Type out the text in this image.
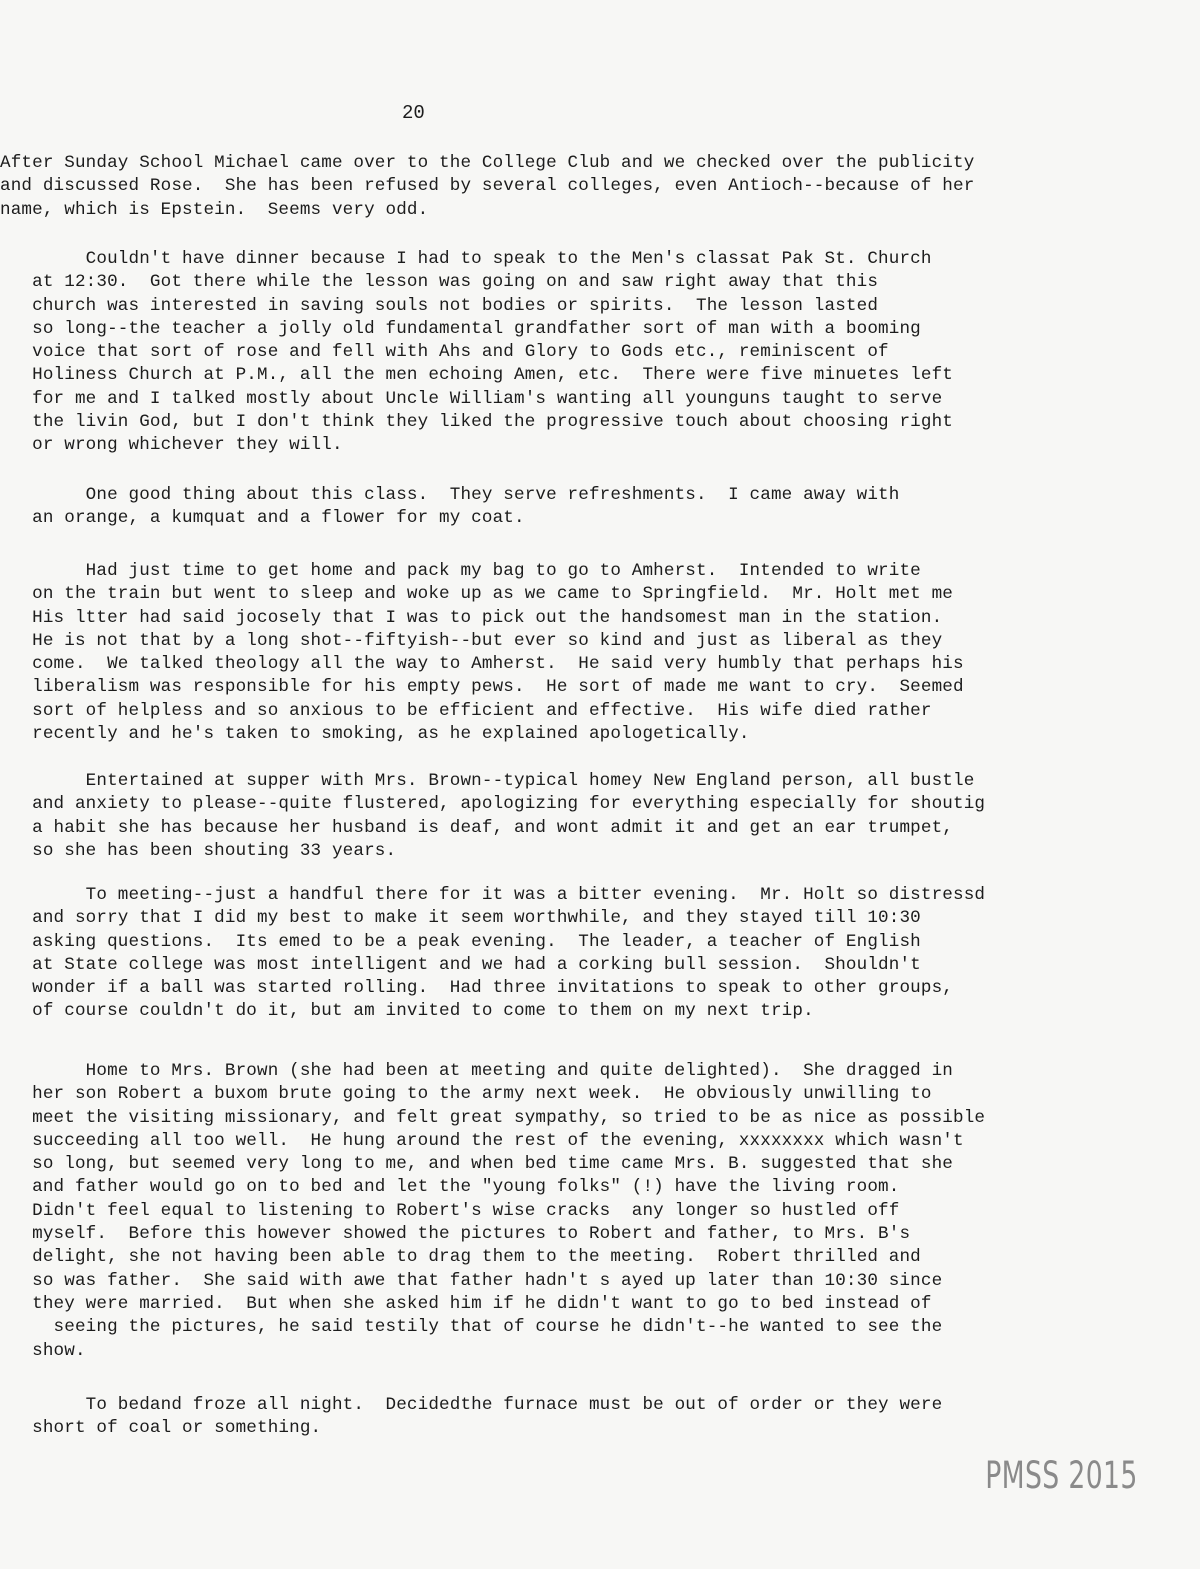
20

After Sunday School Michael came over to the College Club and we checked over the publicity
and discussed Rose.  She has been refused by several colleges, even Antioch--because of her
name, which is Epstein.  Seems very odd.

Couldn't have dinner because I had to speak to the Men's classat Pak St. Church
at 12:30.  Got there while the lesson was going on and saw right away that this
church was interested in saving souls not bodies or spirits.  The lesson lasted
so long--the teacher a jolly old fundamental grandfather sort of man with a booming
voice that sort of rose and fell with Ahs and Glory to Gods etc., reminiscent of
Holiness Church at P.M., all the men echoing Amen, etc.  There were five minuetes left
for me and I talked mostly about Uncle William's wanting all younguns taught to serve
the livin God, but I don't think they liked the progressive touch about choosing right
or wrong whichever they will.

One good thing about this class.  They serve refreshments.  I came away with
an orange, a kumquat and a flower for my coat.

Had just time to get home and pack my bag to go to Amherst.  Intended to write
on the train but went to sleep and woke up as we came to Springfield.  Mr. Holt met me
His ltter had said jocosely that I was to pick out the handsomest man in the station.
He is not that by a long shot--fiftyish--but ever so kind and just as liberal as they
come.  We talked theology all the way to Amherst.  He said very humbly that perhaps his
liberalism was responsible for his empty pews.  He sort of made me want to cry.  Seemed
sort of helpless and so anxious to be efficient and effective.  His wife died rather
recently and he's taken to smoking, as he explained apologetically.

Entertained at supper with Mrs. Brown--typical homey New England person, all bustle
and anxiety to please--quite flustered, apologizing for everything especially for shoutig
a habit she has because her husband is deaf, and wont admit it and get an ear trumpet,
so she has been shouting 33 years.

To meeting--just a handful there for it was a bitter evening.  Mr. Holt so distressd
and sorry that I did my best to make it seem worthwhile, and they stayed till 10:30
asking questions.  Its emed to be a peak evening.  The leader, a teacher of English
at State college was most intelligent and we had a corking bull session.  Shouldn't
wonder if a ball was started rolling.  Had three invitations to speak to other groups,
of course couldn't do it, but am invited to come to them on my next trip.

Home to Mrs. Brown (she had been at meeting and quite delighted).  She dragged in
her son Robert a buxom brute going to the army next week.  He obviously unwilling to
meet the visiting missionary, and felt great sympathy, so tried to be as nice as possible
succeeding all too well.  He hung around the rest of the evening, xxxxxxxx which wasn't
so long, but seemed very long to me, and when bed time came Mrs. B. suggested that she
and father would go on to bed and let the "young folks" (!) have the living room.
Didn't feel equal to listening to Robert's wise cracks  any longer so hustled off
myself.  Before this however showed the pictures to Robert and father, to Mrs. B's
delight, she not having been able to drag them to the meeting.  Robert thrilled and
so was father.  She said with awe that father hadn't s ayed up later than 10:30 since
they were married.  But when she asked him if he didn't want to go to bed instead of
seeing the pictures, he said testily that of course he didn't--he wanted to see the
show.

To bedand froze all night.  Decidedthe furnace must be out of order or they were
short of coal or something.

PMSS 2015
